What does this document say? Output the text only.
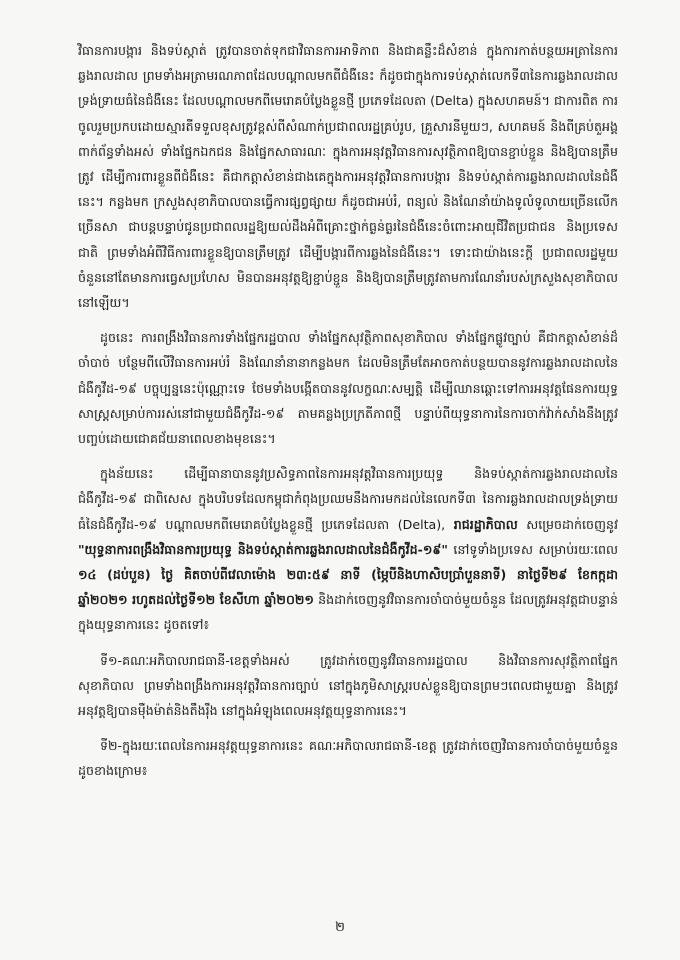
វិធានការបង្ការ និងទប់ស្កាត់ ត្រូវបានចាត់ទុកជាវិធានការអាទិភាព និងជាគន្លឹះដ៏សំខាន់ ក្នុងការកាត់បន្ថយអត្រានៃការឆ្លងរាលដាល ព្រមទាំងអត្រាមរណភាពដែលបណ្តាលមកពីជំងឺនេះ ក៏ដូចជាក្នុងការទប់ស្កាត់លេកទី៣នៃការឆ្លងរាលដាលទ្រង់ទ្រាយធំនៃជំងឺនេះ ដែលបណ្តាលមកពីមេរោគបំប្លែងខ្លួនថ្មី ប្រភេទដែលតា (Delta) ក្នុងសហគមន៍។ ជាការពិត ការចូលរួមប្រកបដោយស្មារតីទទួលខុសត្រូវខ្ពស់ពីសំណាក់ប្រជាពលរដ្ឋគ្រប់រូប, គ្រួសារនីមួយៗ, សហគមន៍ និងពីគ្រប់តួអង្គពាក់ព័ន្ធទាំងអស់ ទាំងផ្នែកឯកជន និងផ្នែកសាធារណៈ ក្នុងការអនុវត្តវិធានការសុវត្ថិភាពឱ្យបានខ្ជាប់ខ្ជួន និងឱ្យបានត្រឹមត្រូវ ដើម្បីការពារខ្លួនពីជំងឺនេះ គឺជាកត្តាសំខាន់ជាងគេក្នុងការអនុវត្តវិធានការបង្ការ និងទប់ស្កាត់ការឆ្លងរាលដាលនៃជំងឺនេះ។ កន្លងមក ក្រសួងសុខាភិបាលបានធ្វើការផ្សព្វផ្សាយ ក៏ដូចជាអប់រំ, ពន្យល់ និងណែនាំយ៉ាងទូលំទូលាយច្រើនលើកច្រើនសា ជាបន្តបន្ទាប់ជូនប្រជាពលរដ្ឋឱ្យយល់ដឹងអំពីគ្រោះថ្នាក់ធ្ងន់ធ្ងរនៃជំងឺនេះចំពោះអាយុជីវិតប្រជាជន និងប្រទេសជាតិ ព្រមទាំងអំពីវិធីការពារខ្លួនឱ្យបានត្រឹមត្រូវ ដើម្បីបង្ការពីការឆ្លងនៃជំងឺនេះ។ ទោះជាយ៉ាងនេះក្តី ប្រជាពលរដ្ឋមួយចំនួននៅតែមានការធ្វេសប្រហែស មិនបានអនុវត្តឱ្យខ្ជាប់ខ្ជួន និងឱ្យបានត្រឹមត្រូវតាមការណែនាំរបស់ក្រសួងសុខាភិបាលនៅឡើយ។

ដូចនេះ ការពង្រឹងវិធានការទាំងផ្នែករដ្ឋបាល ទាំងផ្នែកសុវត្ថិភាពសុខាភិបាល ទាំងផ្នែកផ្លូវច្បាប់ គឺជាកត្តាសំខាន់ដ៏ចាំបាច់ បន្ថែមពីលើវិធានការអប់រំ និងណែនាំនានាកន្លងមក ដែលមិនត្រឹមតែអាចកាត់បន្ថយបាននូវការឆ្លងរាលដាលនៃជំងឺកូវីដ-១៩ បច្ចុប្បន្ននេះប៉ុណ្ណោះទេ ថែមទាំងបង្កើតបាននូវលក្ខណៈសម្បត្តិ ដើម្បីឈានឆ្ពោះទៅការអនុវត្តផែនការយុទ្ធសាស្ត្រសម្រាប់ការរស់នៅជាមួយជំងឺកូវីដ-១៩ តាមគន្លងប្រក្រតីភាពថ្មី បន្ទាប់ពីយុទ្ធនាការនៃការចាក់វ៉ាក់សាំងនឹងត្រូវបញ្ចប់ដោយជោគជ័យនាពេលខាងមុខនេះ។

ក្នុងន័យនេះ ដើម្បីធានាបាននូវប្រសិទ្ធភាពនៃការអនុវត្តវិធានការប្រយុទ្ធ និងទប់ស្កាត់ការឆ្លងរាលដាលនៃជំងឺកូវីដ-១៩ ជាពិសេស ក្នុងបរិបទដែលកម្ពុជាកំពុងប្រឈមនឹងការមកដល់នៃលេកទី៣ នៃការឆ្លងរាលដាលទ្រង់ទ្រាយធំនៃជំងឺកូវីដ-១៩ បណ្តាលមកពីមេរោគបំប្លែងខ្លួនថ្មី ប្រភេទដែលតា (Delta), រាជរដ្ឋាភិបាល សម្រេចដាក់ចេញនូវ "យុទ្ធនាការពង្រឹងវិធានការប្រយុទ្ធ និងទប់ស្កាត់ការឆ្លងរាលដាលនៃជំងឺកូវីដ-១៩" នៅទូទាំងប្រទេស សម្រាប់រយៈពេល ១៤ (ដប់បួន) ថ្ងៃ គិតចាប់ពីវេលាម៉ោង ២៣:៥៩ នាទី (ម្ភៃបីនិងហាសិបប្រាំបួននាទី) នាថ្ងៃទី២៩ ខែកក្កដា ឆ្នាំ២០២១ រហូតដល់ថ្ងៃទី១២ ខែសីហា ឆ្នាំ២០២១ និងដាក់ចេញនូវវិធានការចាំបាច់មួយចំនួន ដែលត្រូវអនុវត្តជាបន្ទាន់ក្នុងយុទ្ធនាការនេះ ដូចតទៅ៖

ទី១-គណៈអភិបាលរាជធានី-ខេត្តទាំងអស់ ត្រូវដាក់ចេញនូវវិធានការរដ្ឋបាល និងវិធានការសុវត្ថិភាពផ្នែកសុខាភិបាល ព្រមទាំងពង្រឹងការអនុវត្តវិធានការច្បាប់ នៅក្នុងភូមិសាស្ត្ររបស់ខ្លួនឱ្យបានព្រមៗពេលជាមួយគ្នា និងត្រូវអនុវត្តឱ្យបានម៉ឺងម៉ាត់និងតឹងរ៉ឹង នៅក្នុងអំឡុងពេលអនុវត្តយុទ្ធនាការនេះ។

ទី២-ក្នុងរយៈពេលនៃការអនុវត្តយុទ្ធនាការនេះ គណៈអភិបាលរាជធានី-ខេត្ត ត្រូវដាក់ចេញវិធានការចាំបាច់មួយចំនួន ដូចខាងក្រោម៖

២
